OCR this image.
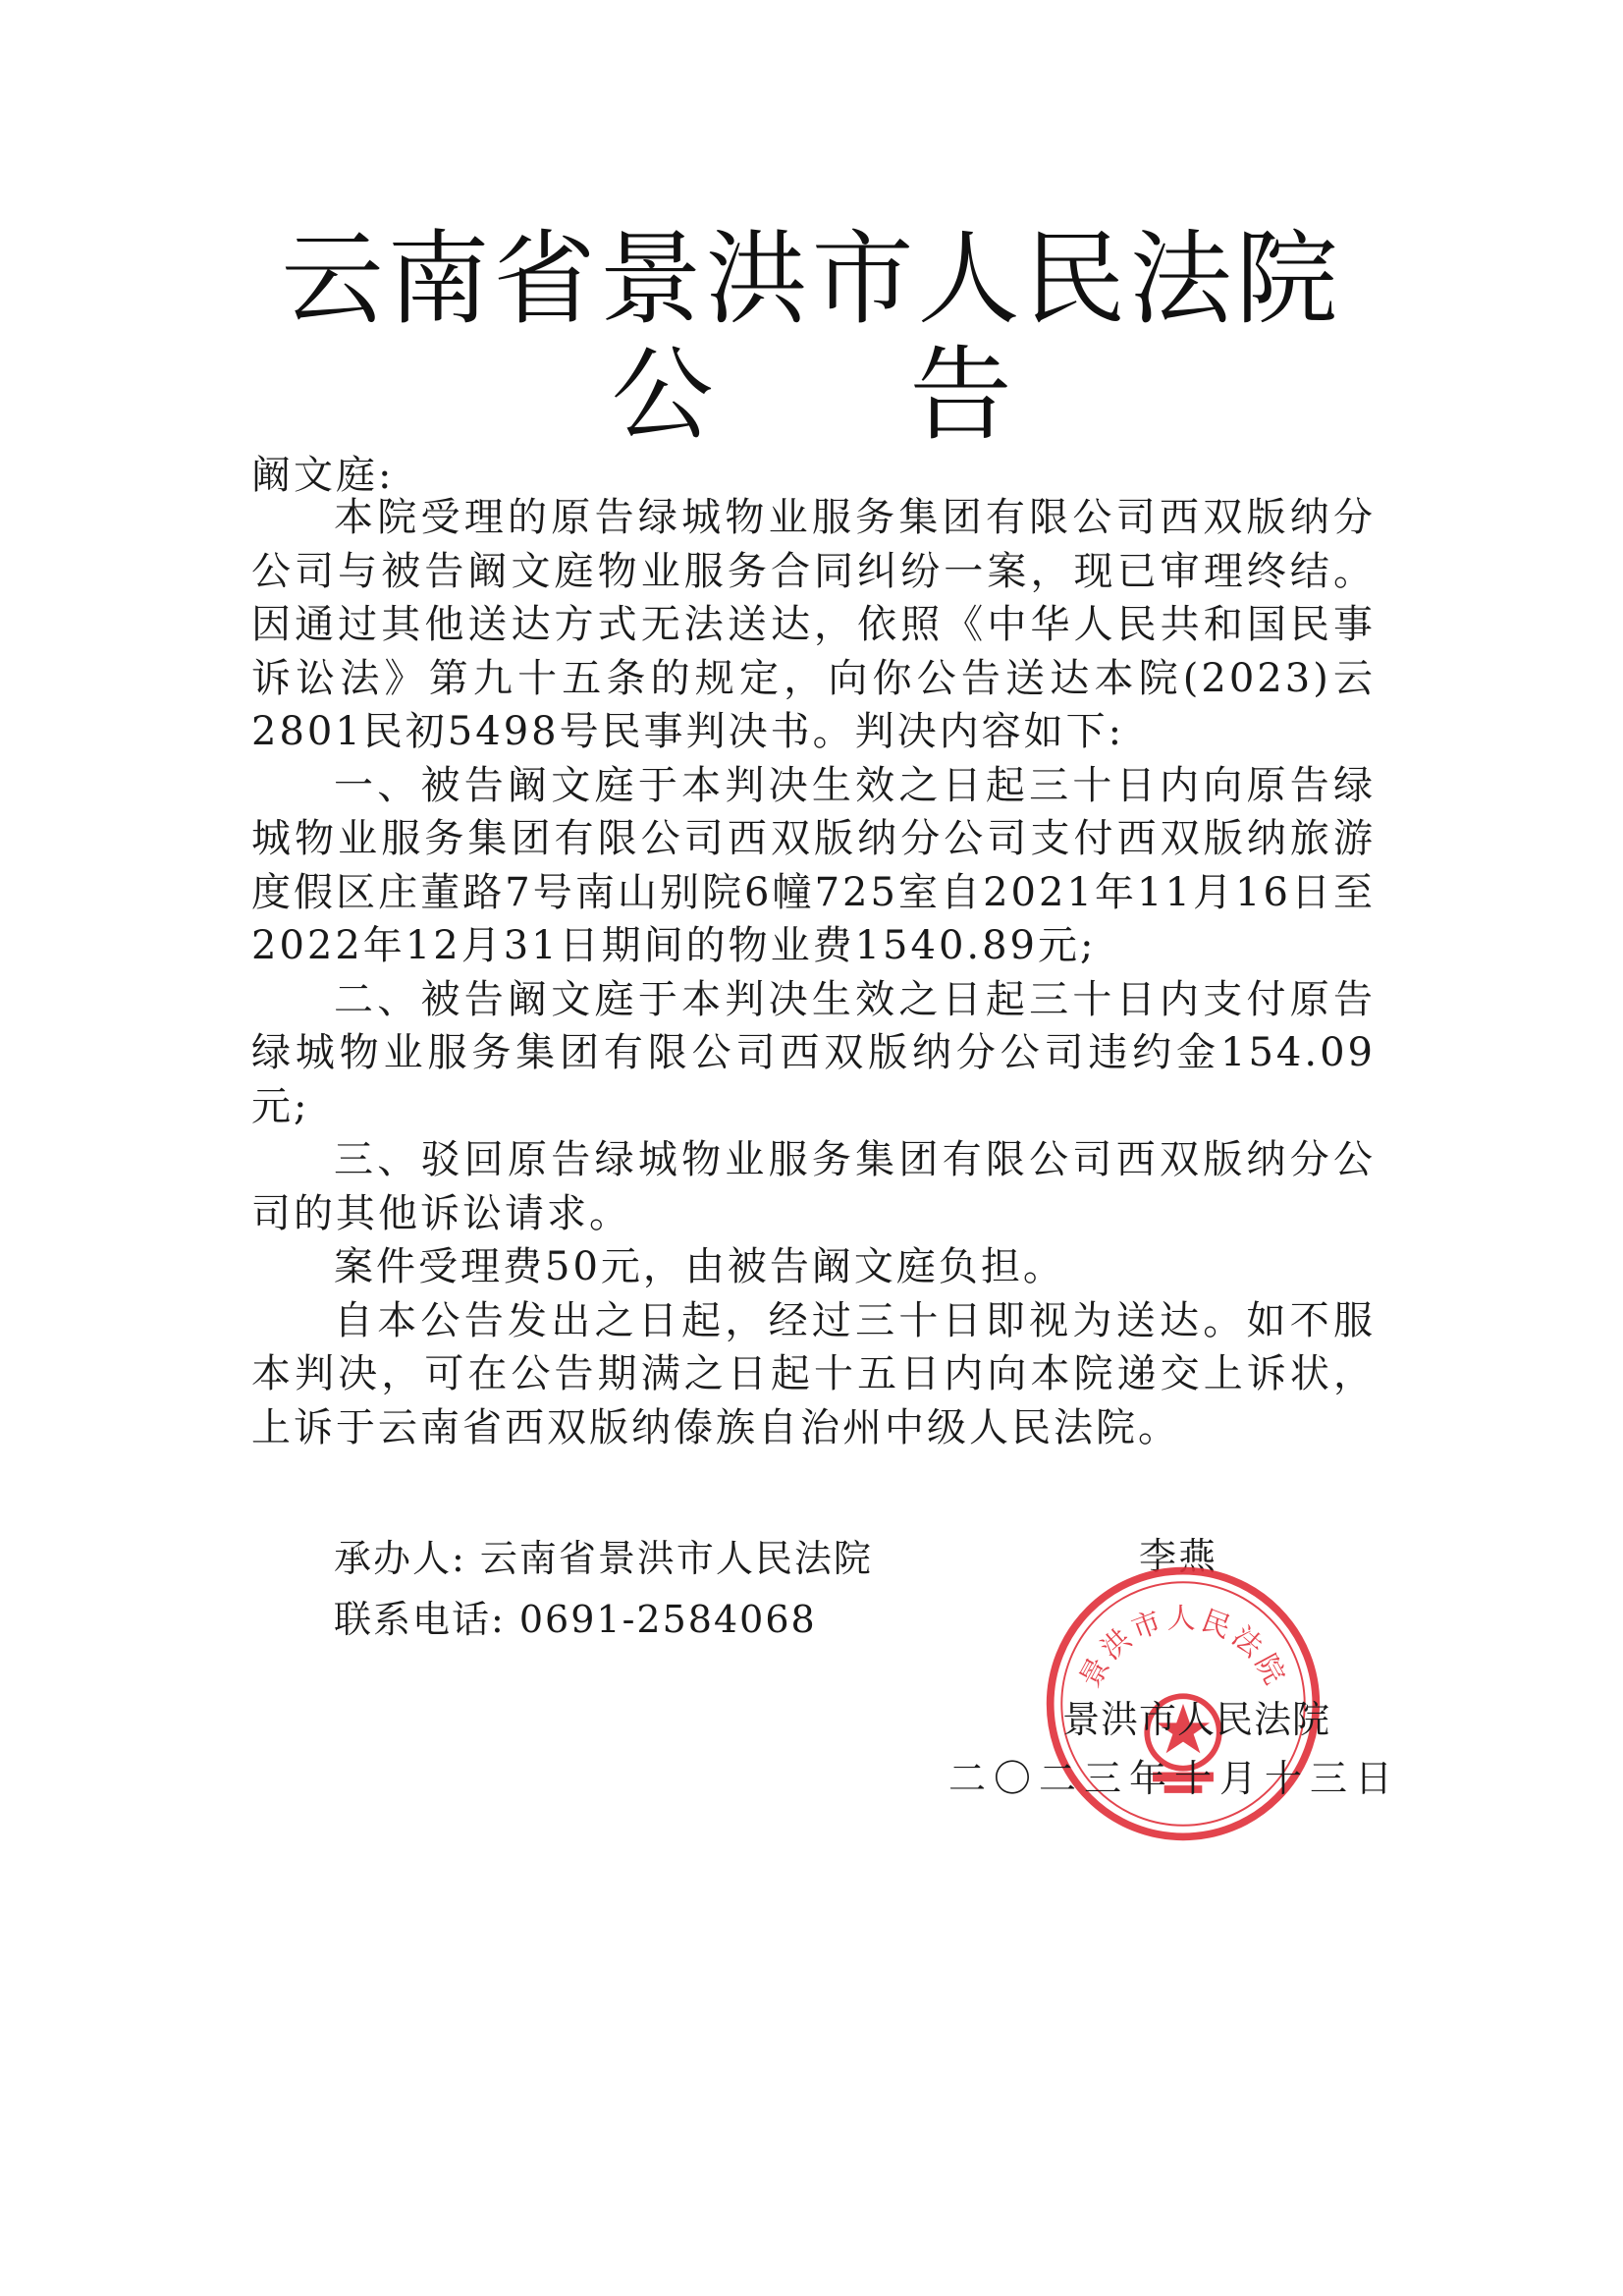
云南省景洪市人民法院
公告
阚文庭:

本院受理的原告绿城物业服务集团有限公司西双版纳分公司与被告阚文庭物业服务合同纠纷一案，现已审理终结。因通过其他送达方式无法送达，依照《中华人民共和国民事诉讼法》第九十五条的规定，向你公告送达本院(2023)云2801民初5498号民事判决书。判决内容如下:

一、被告阚文庭于本判决生效之日起三十日内向原告绿城物业服务集团有限公司西双版纳分公司支付西双版纳旅游度假区庄董路7号南山别院6幢725室自2021年11月16日至2022年12月31日期间的物业费1540.89元;

二、被告阚文庭于本判决生效之日起三十日内支付原告绿城物业服务集团有限公司西双版纳分公司违约金154.09元;

三、驳回原告绿城物业服务集团有限公司西双版纳分公司的其他诉讼请求。

案件受理费50元，由被告阚文庭负担。

自本公告发出之日起，经过三十日即视为送达。如不服本判决，可在公告期满之日起十五日内向本院递交上诉状，上诉于云南省西双版纳傣族自治州中级人民法院。

承办人: 云南省景洪市人民法院	李燕
联系电话: 0691-2584068
景洪市人民法院
景洪市人民法院
二〇二三年十月十三日
